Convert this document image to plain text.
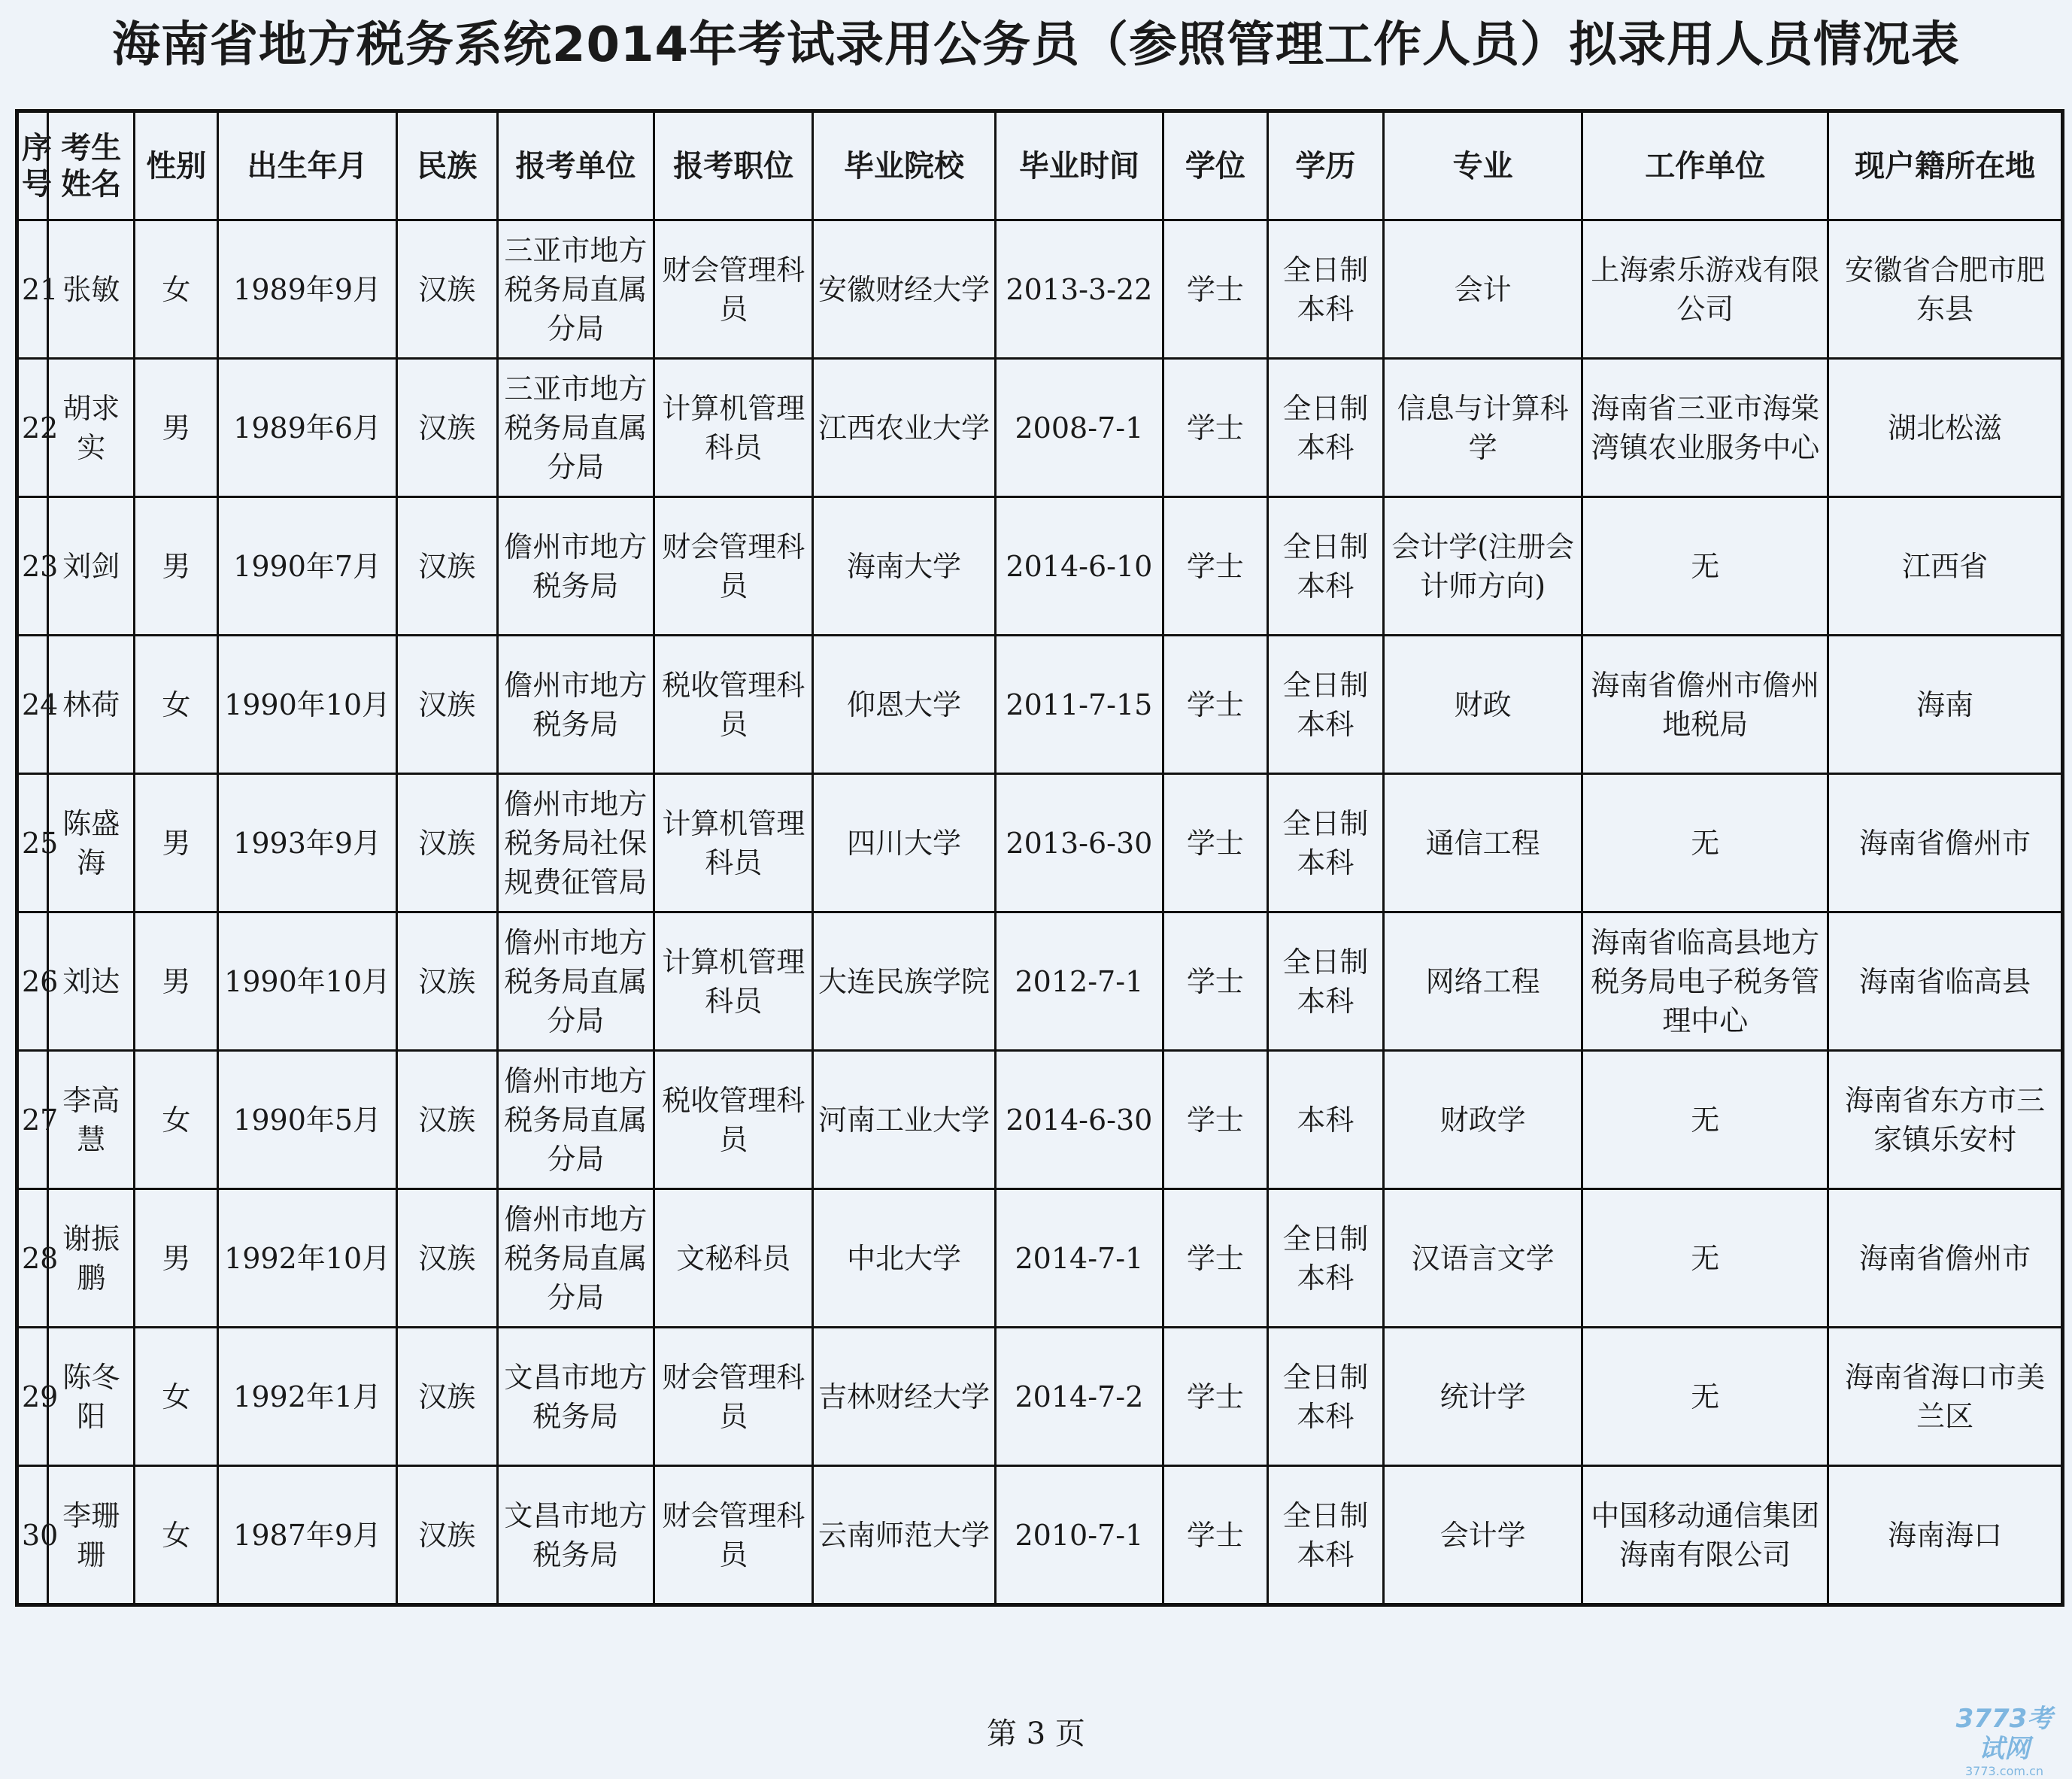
海南省地方税务系统2014年考试录用公务员（参照管理工作人员）拟录用人员情况表
序号	考生姓名	性别	出生年月	民族	报考单位	报考职位	毕业院校	毕业时间	学位	学历	专业	工作单位	现户籍所在地
21	张敏	女	1989年9月	汉族	三亚市地方税务局直属分局	财会管理科员	安徽财经大学	2013-3-22	学士	全日制本科	会计	上海索乐游戏有限公司	安徽省合肥市肥东县
22	胡求实	男	1989年6月	汉族	三亚市地方税务局直属分局	计算机管理科员	江西农业大学	2008-7-1	学士	全日制本科	信息与计算科学	海南省三亚市海棠湾镇农业服务中心	湖北松滋
23	刘剑	男	1990年7月	汉族	儋州市地方税务局	财会管理科员	海南大学	2014-6-10	学士	全日制本科	会计学(注册会计师方向)	无	江西省
24	林荷	女	1990年10月	汉族	儋州市地方税务局	税收管理科员	仰恩大学	2011-7-15	学士	全日制本科	财政	海南省儋州市儋州地税局	海南
25	陈盛海	男	1993年9月	汉族	儋州市地方税务局社保规费征管局	计算机管理科员	四川大学	2013-6-30	学士	全日制本科	通信工程	无	海南省儋州市
26	刘达	男	1990年10月	汉族	儋州市地方税务局直属分局	计算机管理科员	大连民族学院	2012-7-1	学士	全日制本科	网络工程	海南省临高县地方税务局电子税务管理中心	海南省临高县
27	李高慧	女	1990年5月	汉族	儋州市地方税务局直属分局	税收管理科员	河南工业大学	2014-6-30	学士	本科	财政学	无	海南省东方市三家镇乐安村
28	谢振鹏	男	1992年10月	汉族	儋州市地方税务局直属分局	文秘科员	中北大学	2014-7-1	学士	全日制本科	汉语言文学	无	海南省儋州市
29	陈冬阳	女	1992年1月	汉族	文昌市地方税务局	财会管理科员	吉林财经大学	2014-7-2	学士	全日制本科	统计学	无	海南省海口市美兰区
30	李珊珊	女	1987年9月	汉族	文昌市地方税务局	财会管理科员	云南师范大学	2010-7-1	学士	全日制本科	会计学	中国移动通信集团海南有限公司	海南海口
第 3 页	3773考试网
3773.com.cn
